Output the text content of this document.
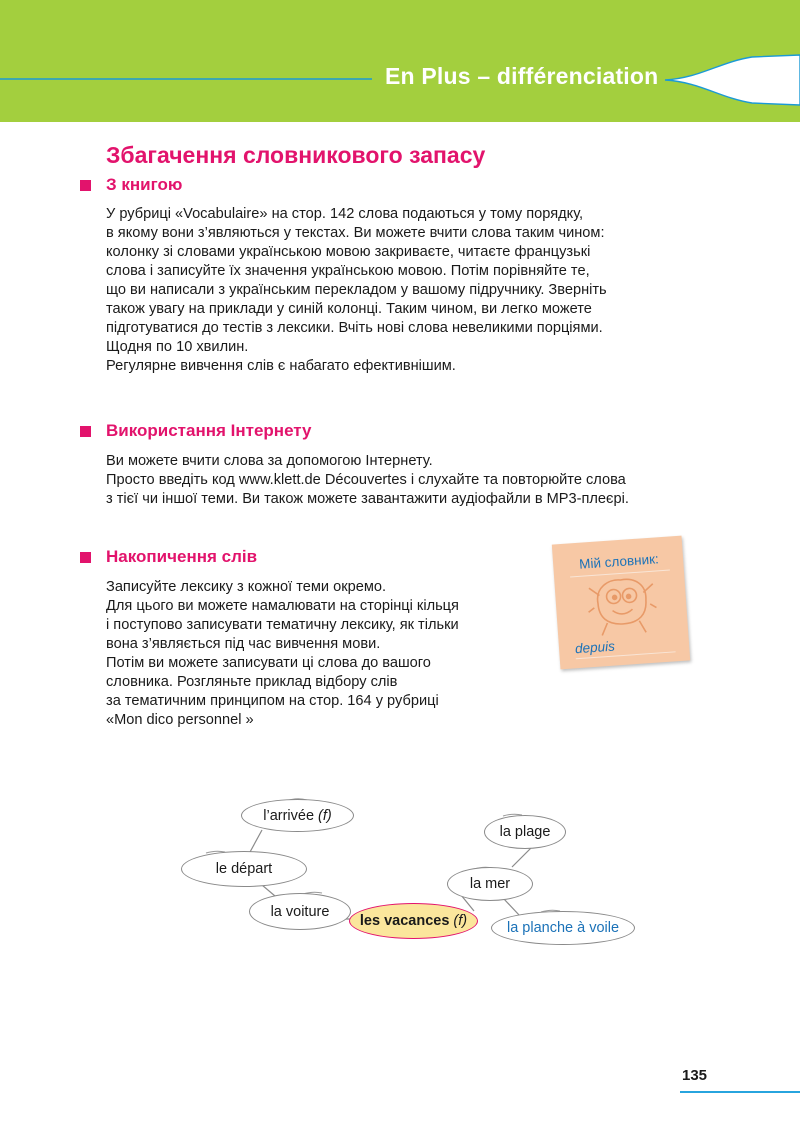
En Plus – différenciation
Збагачення словникового запасу
З книгою
У рубриці «Vocabulaire» на стор. 142 слова подаються у тому порядку,
в якому вони з’являються у текстах. Ви можете вчити слова таким чином:
колонку зі словами українською мовою закриваєте, читаєте французькі
слова і записуйте їх значення українською мовою. Потім порівняйте те,
що ви написали з українським перекладом у вашому підручнику. Зверніть
також увагу на приклади у синій колонці. Таким чином, ви легко можете
підготуватися до тестів з лексики. Вчіть нові слова невеликими порціями.
Щодня по 10 хвилин.
Регулярне вивчення слів є набагато ефективнішим.
Використання Інтернету
Ви можете вчити слова за допомогою Інтернету.
Просто введіть код www.klett.de Découvertes і слухайте та повторюйте слова
з тієї чи іншої теми. Ви також можете завантажити аудіофайли в MP3-плеєрі.
Накопичення слів
Записуйте лексику з кожної теми окремо.
Для цього ви можете намалювати на сторінці кільця
і поступово записувати тематичну лексику, як тільки
вона з’являється під час вивчення мови.
Потім ви можете записувати ці слова до вашого
словника. Розгляньте приклад відбору слів
за тематичним принципом на стор. 164 у рубриці
«Mon dico personnel »
Мій словник:
depuis
l’arrivée
(f)
le départ
la voiture
les vacances
(f)
la mer
la plage
la planche à voile
135
